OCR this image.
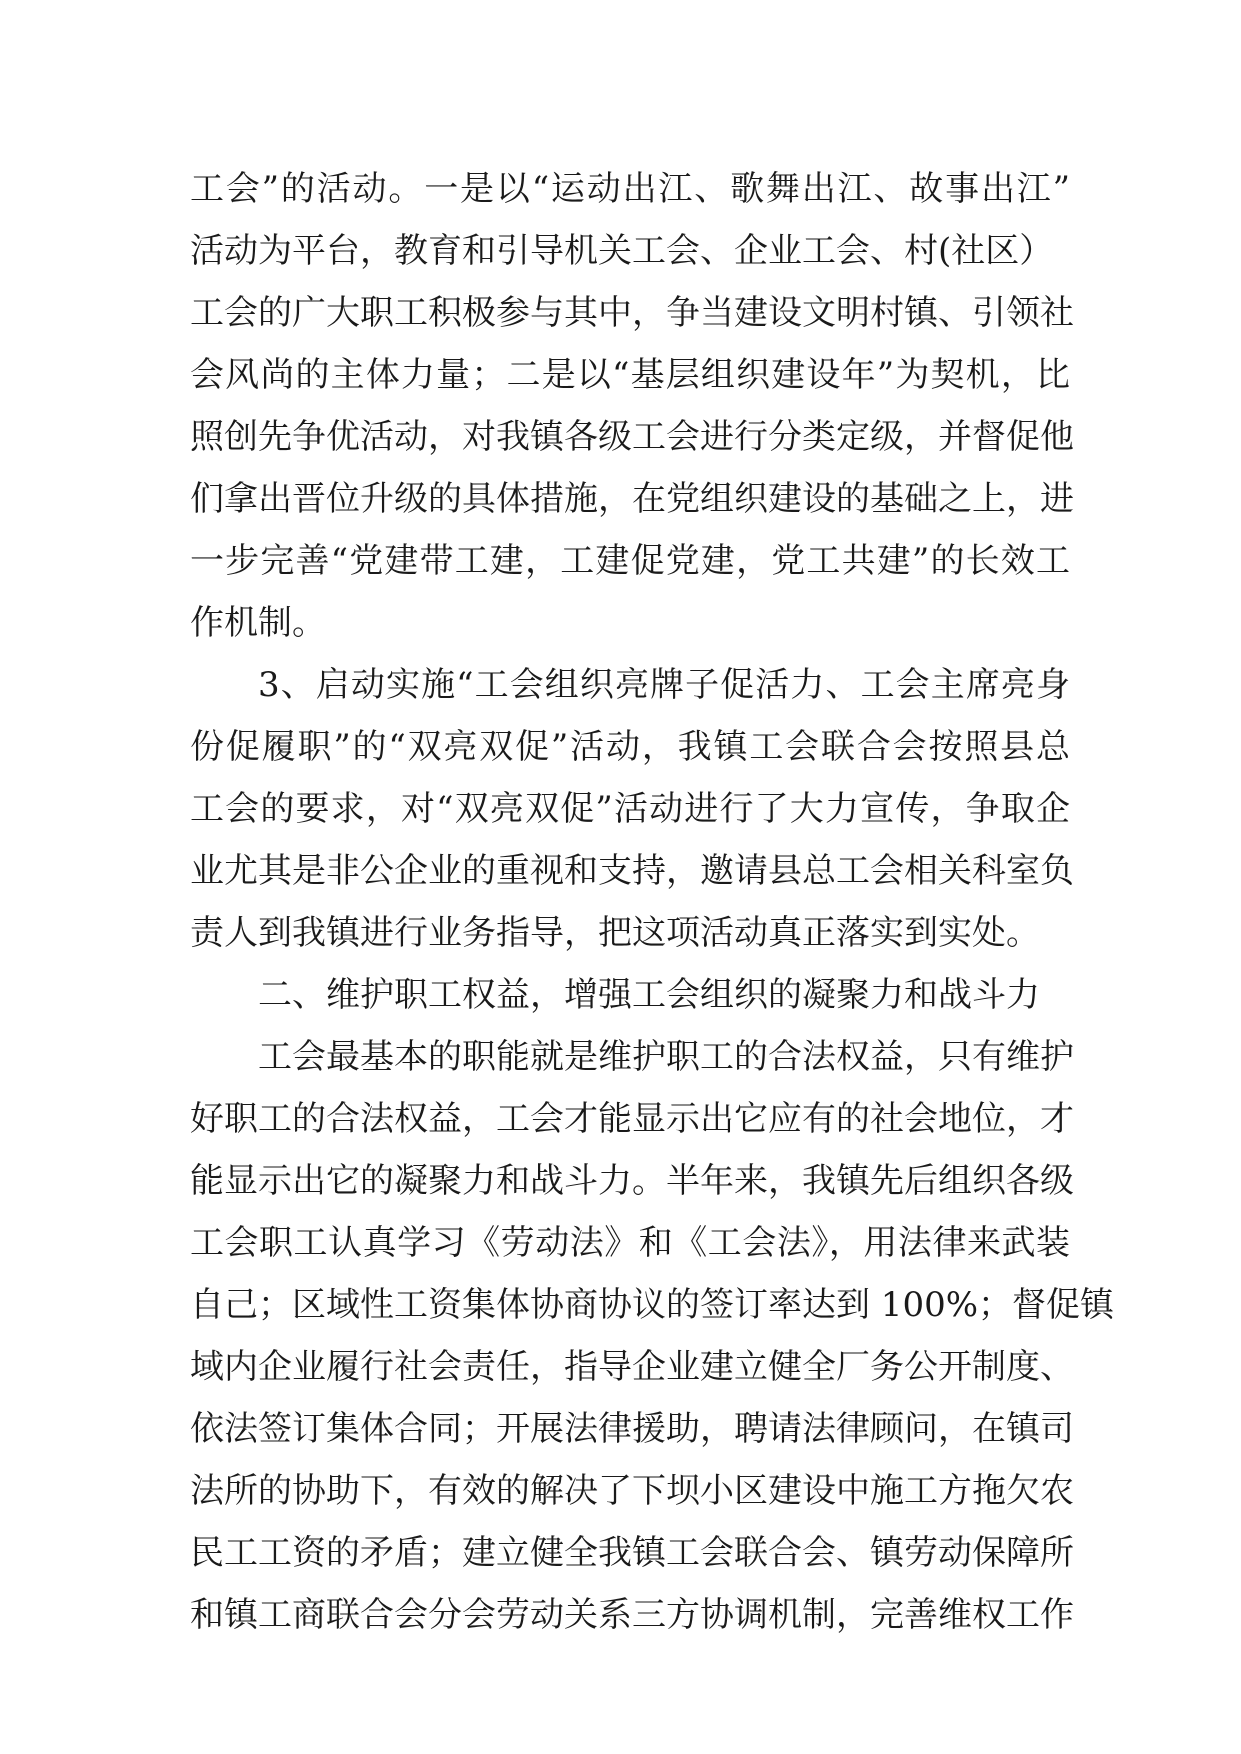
工会”的活动。一是以“运动出江、歌舞出江、故事出江”
活动为平台，教育和引导机关工会、企业工会、村(社区）
工会的广大职工积极参与其中，争当建设文明村镇、引领社
会风尚的主体力量；二是以“基层组织建设年”为契机，比
照创先争优活动，对我镇各级工会进行分类定级，并督促他
们拿出晋位升级的具体措施，在党组织建设的基础之上，进
一步完善“党建带工建，工建促党建，党工共建”的长效工
作机制。
3、启动实施“工会组织亮牌子促活力、工会主席亮身
份促履职”的“双亮双促”活动，我镇工会联合会按照县总
工会的要求，对“双亮双促”活动进行了大力宣传，争取企
业尤其是非公企业的重视和支持，邀请县总工会相关科室负
责人到我镇进行业务指导，把这项活动真正落实到实处。
二、维护职工权益，增强工会组织的凝聚力和战斗力
工会最基本的职能就是维护职工的合法权益，只有维护
好职工的合法权益，工会才能显示出它应有的社会地位，才
能显示出它的凝聚力和战斗力。半年来，我镇先后组织各级
工会职工认真学习《劳动法》和《工会法》，用法律来武装
自己；区域性工资集体协商协议的签订率达到 100%；督促镇
域内企业履行社会责任，指导企业建立健全厂务公开制度、
依法签订集体合同；开展法律援助，聘请法律顾问，在镇司
法所的协助下，有效的解决了下坝小区建设中施工方拖欠农
民工工资的矛盾；建立健全我镇工会联合会、镇劳动保障所
和镇工商联合会分会劳动关系三方协调机制，完善维权工作
